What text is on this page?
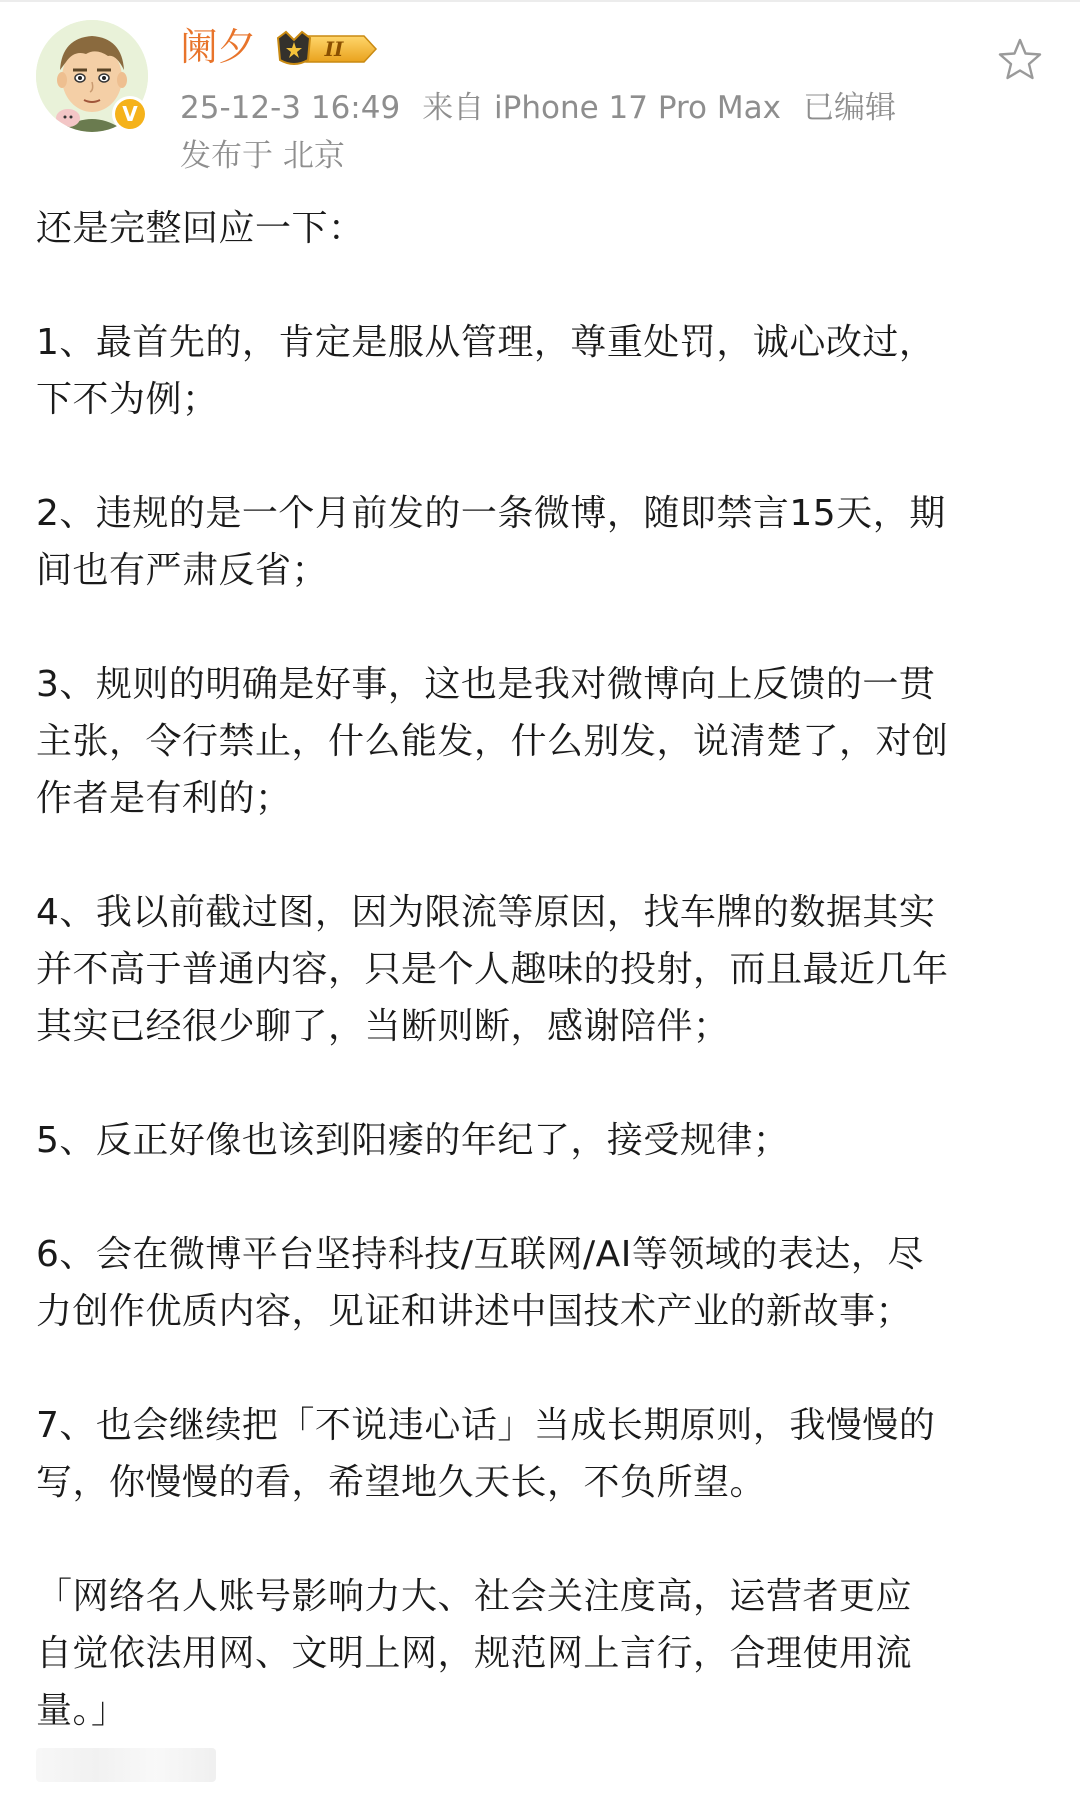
V
阑夕	II
25-12-3 16:49 来自 iPhone 17 Pro Max 已编辑
发布于 北京

还是完整回应一下：

1、最首先的，肯定是服从管理，尊重处罚，诚心改过，
下不为例；

2、违规的是一个月前发的一条微博，随即禁言15天，期
间也有严肃反省；

3、规则的明确是好事，这也是我对微博向上反馈的一贯
主张，令行禁止，什么能发，什么别发，说清楚了，对创
作者是有利的；

4、我以前截过图，因为限流等原因，找车牌的数据其实
并不高于普通内容，只是个人趣味的投射，而且最近几年
其实已经很少聊了，当断则断，感谢陪伴；

5、反正好像也该到阳痿的年纪了，接受规律；

6、会在微博平台坚持科技/互联网/AI等领域的表达，尽
力创作优质内容，见证和讲述中国技术产业的新故事；

7、也会继续把「不说违心话」当成长期原则，我慢慢的
写，你慢慢的看，希望地久天长，不负所望。

「网络名人账号影响力大、社会关注度高，运营者更应
自觉依法用网、文明上网，规范网上言行，合理使用流
量。」
